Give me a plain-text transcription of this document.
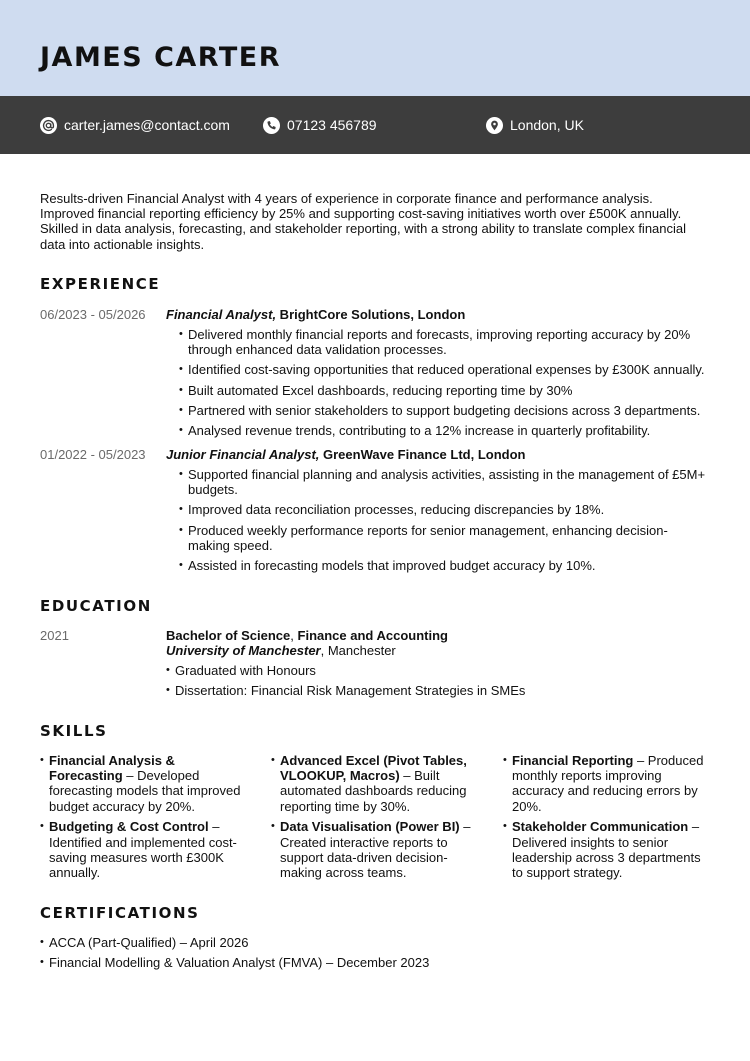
JAMES CARTER
carter.james@contact.com	07123 456789	London, UK

Results-driven Financial Analyst with 4 years of experience in corporate finance and performance analysis. Improved financial reporting efficiency by 25% and supporting cost-saving initiatives worth over £500K annually. Skilled in data analysis, forecasting, and stakeholder reporting, with a strong ability to translate complex financial data into actionable insights.

EXPERIENCE
06/2023 - 05/2026 Financial Analyst, BrightCore Solutions, London
• Delivered monthly financial reports and forecasts, improving reporting accuracy by 20% through enhanced data validation processes.
• Identified cost-saving opportunities that reduced operational expenses by £300K annually.
• Built automated Excel dashboards, reducing reporting time by 30%
• Partnered with senior stakeholders to support budgeting decisions across 3 departments.
• Analysed revenue trends, contributing to a 12% increase in quarterly profitability.
01/2022 - 05/2023 Junior Financial Analyst, GreenWave Finance Ltd, London
• Supported financial planning and analysis activities, assisting in the management of £5M+ budgets.
• Improved data reconciliation processes, reducing discrepancies by 18%.
• Produced weekly performance reports for senior management, enhancing decision-making speed.
• Assisted in forecasting models that improved budget accuracy by 10%.
EDUCATION
2021	Bachelor of Science, Finance and Accounting
University of Manchester, Manchester
• Graduated with Honours
• Dissertation: Financial Risk Management Strategies in SMEs
SKILLS
• Financial Analysis & Forecasting – Developed forecasting models that improved budget accuracy by 20%.
• Budgeting & Cost Control – Identified and implemented cost-saving measures worth £300K annually.
• Advanced Excel (Pivot Tables, VLOOKUP, Macros) – Built automated dashboards reducing reporting time by 30%.
• Data Visualisation (Power BI) – Created interactive reports to support data-driven decision-making across teams.
• Financial Reporting – Produced monthly reports improving accuracy and reducing errors by 20%.
• Stakeholder Communication – Delivered insights to senior leadership across 3 departments to support strategy.
CERTIFICATIONS
• ACCA (Part-Qualified) – April 2026
• Financial Modelling & Valuation Analyst (FMVA) – December 2023
